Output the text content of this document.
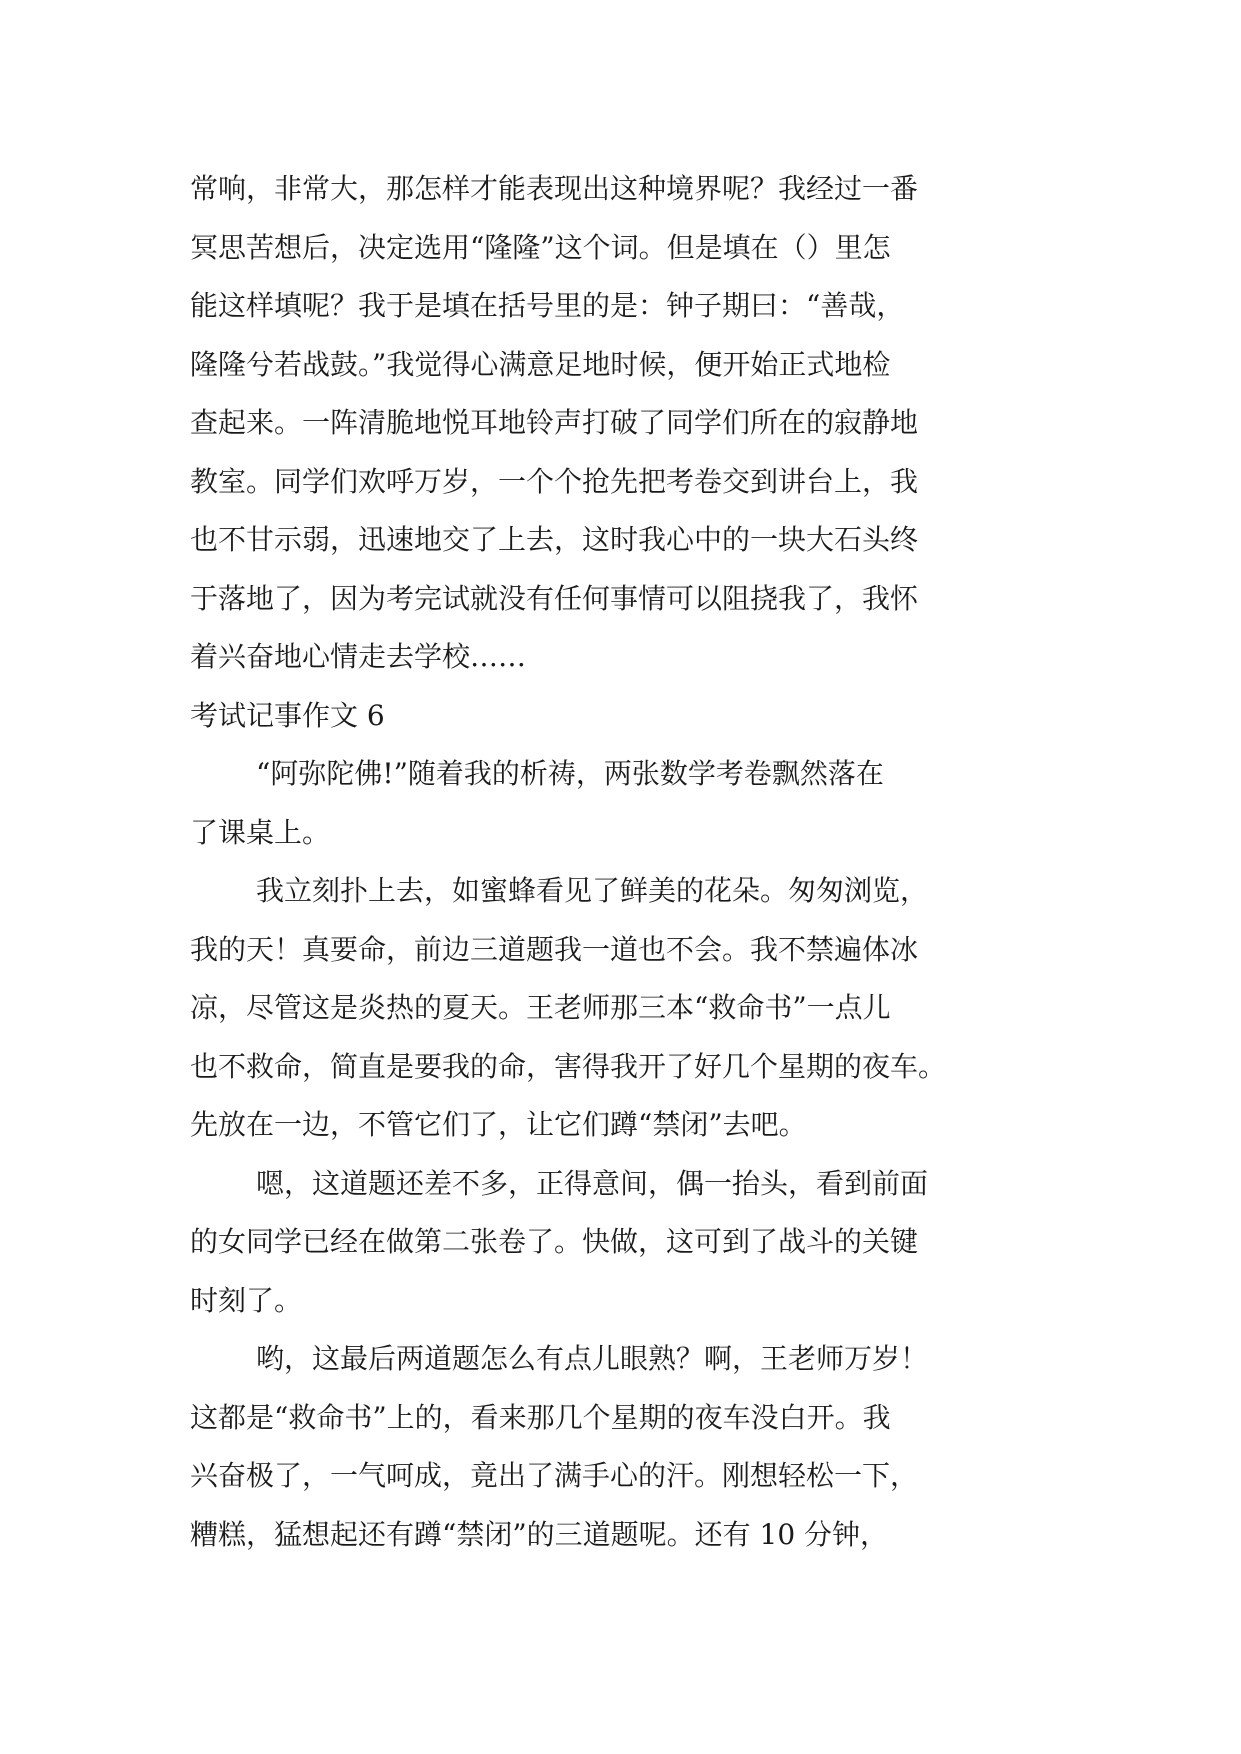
常响，非常大，那怎样才能表现出这种境界呢？我经过一番
冥思苦想后，决定选用“隆隆”这个词。但是填在（）里怎
能这样填呢？我于是填在括号里的是：钟子期曰：“善哉，
隆隆兮若战鼓。”我觉得心满意足地时候，便开始正式地检
查起来。一阵清脆地悦耳地铃声打破了同学们所在的寂静地
教室。同学们欢呼万岁，一个个抢先把考卷交到讲台上，我
也不甘示弱，迅速地交了上去，这时我心中的一块大石头终
于落地了，因为考完试就没有任何事情可以阻挠我了，我怀
着兴奋地心情走去学校……
考试记事作文 6
“阿弥陀佛!”随着我的析祷，两张数学考卷飘然落在
了课桌上。
我立刻扑上去，如蜜蜂看见了鲜美的花朵。匆匆浏览，
我的天！真要命，前边三道题我一道也不会。我不禁遍体冰
凉，尽管这是炎热的夏天。王老师那三本“救命书”一点儿
也不救命，简直是要我的命，害得我开了好几个星期的夜车。
先放在一边，不管它们了，让它们蹲“禁闭”去吧。
嗯，这道题还差不多，正得意间，偶一抬头，看到前面
的女同学已经在做第二张卷了。快做，这可到了战斗的关键
时刻了。
哟，这最后两道题怎么有点儿眼熟？啊，王老师万岁！
这都是“救命书”上的，看来那几个星期的夜车没白开。我
兴奋极了，一气呵成，竟出了满手心的汗。刚想轻松一下，
糟糕，猛想起还有蹲“禁闭”的三道题呢。还有 10 分钟，
